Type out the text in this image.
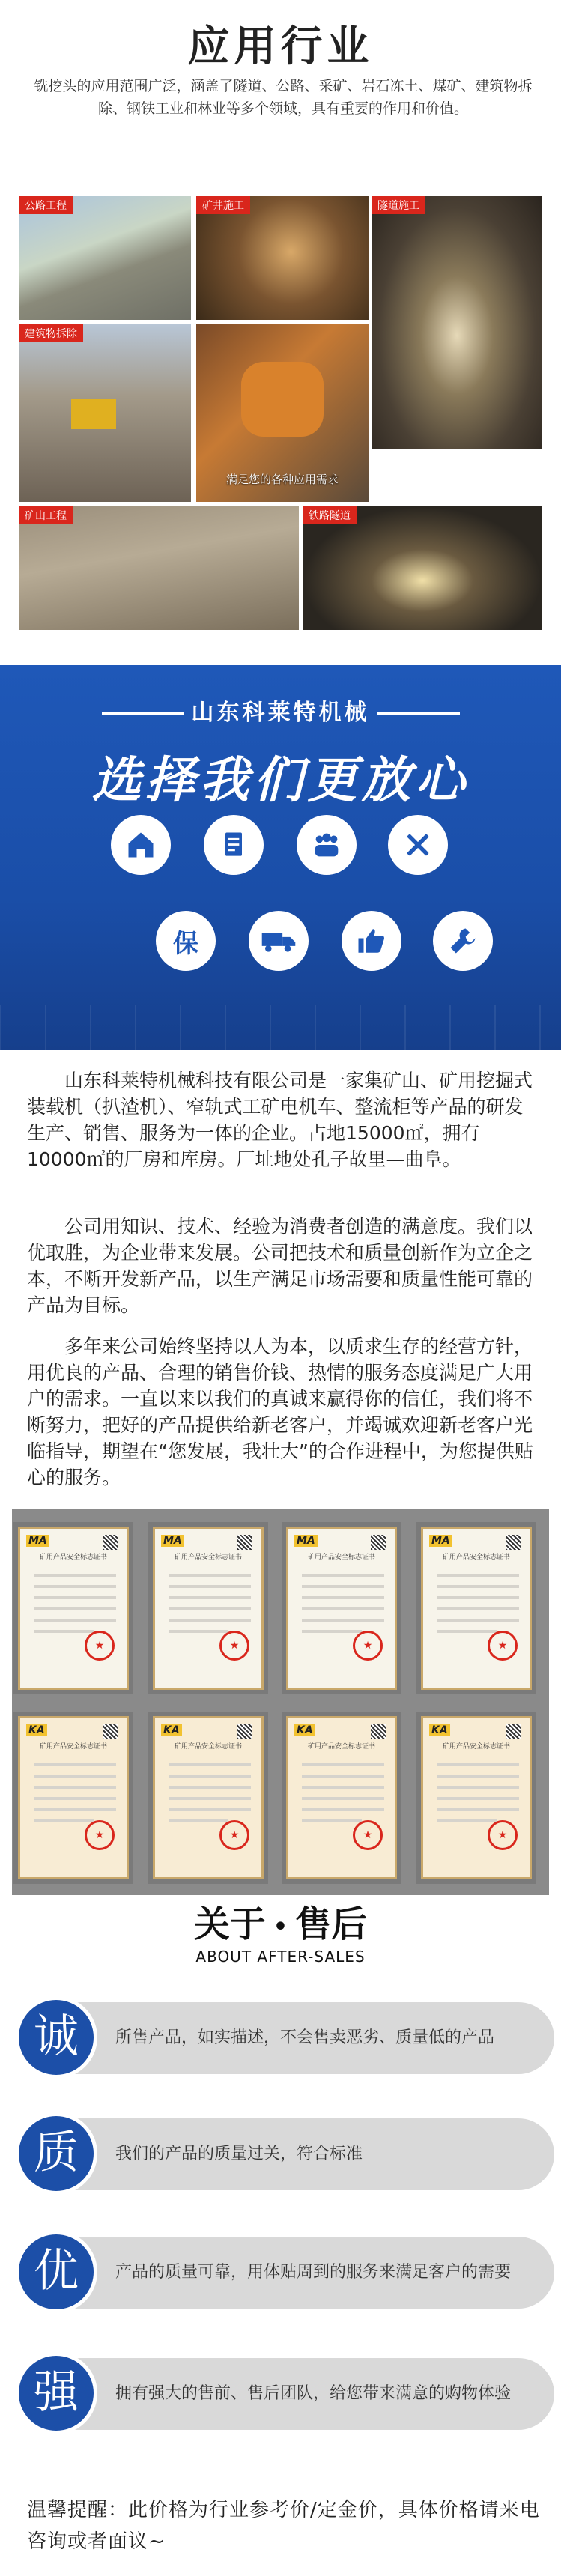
应用行业
铣挖头的应用范围广泛，涵盖了隧道、公路、采矿、岩石冻土、煤矿、建筑物拆除、钢铁工业和林业等多个领域，具有重要的作用和价值。
公路工程	矿井施工	隧道施工
建筑物拆除
满足您的各种应用需求
矿山工程	铁路隧道
山东科莱特机械
选择我们更放心
保
山东科莱特机械科技有限公司是一家集矿山、矿用挖掘式装载机（扒渣机）、窄轨式工矿电机车、整流柜等产品的研发生产、销售、服务为一体的企业。占地15000㎡，拥有10000㎡的厂房和库房。厂址地处孔子故里—曲阜。
公司用知识、技术、经验为消费者创造的满意度。我们以优取胜，为企业带来发展。公司把技术和质量创新作为立企之本，不断开发新产品，以生产满足市场需要和质量性能可靠的产品为目标。
多年来公司始终坚持以人为本，以质求生存的经营方针，用优良的产品、合理的销售价钱、热情的服务态度满足广大用户的需求。一直以来以我们的真诚来赢得你的信任，我们将不断努力，把好的产品提供给新老客户，并竭诚欢迎新老客户光临指导，期望在“您发展，我壮大”的合作进程中，为您提供贴心的服务。
MA
矿用产品安全标志证书
★
MA
矿用产品安全标志证书
★
MA
矿用产品安全标志证书
★
MA
矿用产品安全标志证书
★
KA
矿用产品安全标志证书
★
KA
矿用产品安全标志证书
★
KA
矿用产品安全标志证书
★
KA
矿用产品安全标志证书
★
关于 • 售后
ABOUT AFTER-SALES
诚	所售产品，如实描述，不会售卖恶劣、质量低的产品
质	我们的产品的质量过关，符合标准
优	产品的质量可靠，用体贴周到的服务来满足客户的需要
强	拥有强大的售前、售后团队，给您带来满意的购物体验
温馨提醒：此价格为行业参考价/定金价，具体价格请来电咨询或者面议~
